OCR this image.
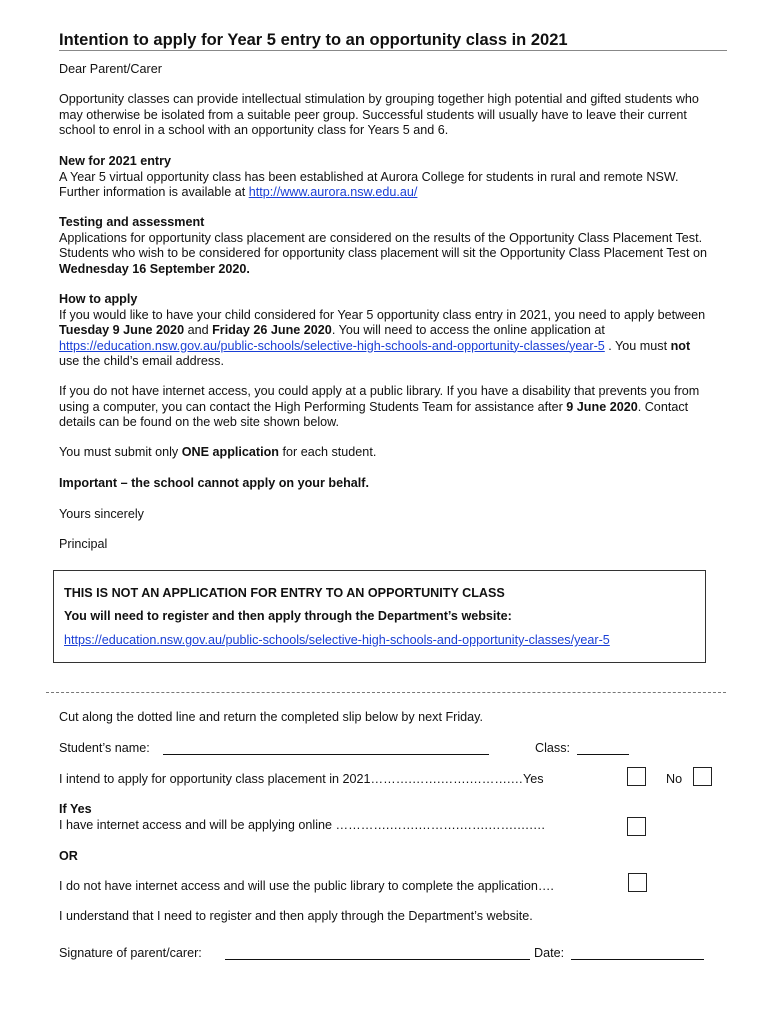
Intention to apply for Year 5 entry to an opportunity class in 2021
Dear Parent/Carer
Opportunity classes can provide intellectual stimulation by grouping together high potential and gifted students who may otherwise be isolated from a suitable peer group. Successful students will usually have to leave their current school to enrol in a school with an opportunity class for Years 5 and 6.
New for 2021 entry
A Year 5 virtual opportunity class has been established at Aurora College for students in rural and remote NSW. Further information is available at http://www.aurora.nsw.edu.au/
Testing and assessment
Applications for opportunity class placement are considered on the results of the Opportunity Class Placement Test. Students who wish to be considered for opportunity class placement will sit the Opportunity Class Placement Test on Wednesday 16 September 2020.
How to apply
If you would like to have your child considered for Year 5 opportunity class entry in 2021, you need to apply between Tuesday 9 June 2020 and Friday 26 June 2020. You will need to access the online application at https://education.nsw.gov.au/public-schools/selective-high-schools-and-opportunity-classes/year-5 . You must not use the child’s email address.
If you do not have internet access, you could apply at a public library. If you have a disability that prevents you from using a computer, you can contact the High Performing Students Team for assistance after 9 June 2020. Contact details can be found on the web site shown below.
You must submit only ONE application for each student.
Important – the school cannot apply on your behalf.
Yours sincerely
Principal
THIS IS NOT AN APPLICATION FOR ENTRY TO AN OPPORTUNITY CLASS
You will need to register and then apply through the Department’s website:
https://education.nsw.gov.au/public-schools/selective-high-schools-and-opportunity-classes/year-5
Cut along the dotted line and return the completed slip below by next Friday.
Student’s name:	Class:
I intend to apply for opportunity class placement in 2021……….…….…….……….…Yes	No
If Yes
I have internet access and will be applying online ………….…….……….…….…….….…
OR
I do not have internet access and will use the public library to complete the application….
I understand that I need to register and then apply through the Department’s website.
Signature of parent/carer:	Date:
